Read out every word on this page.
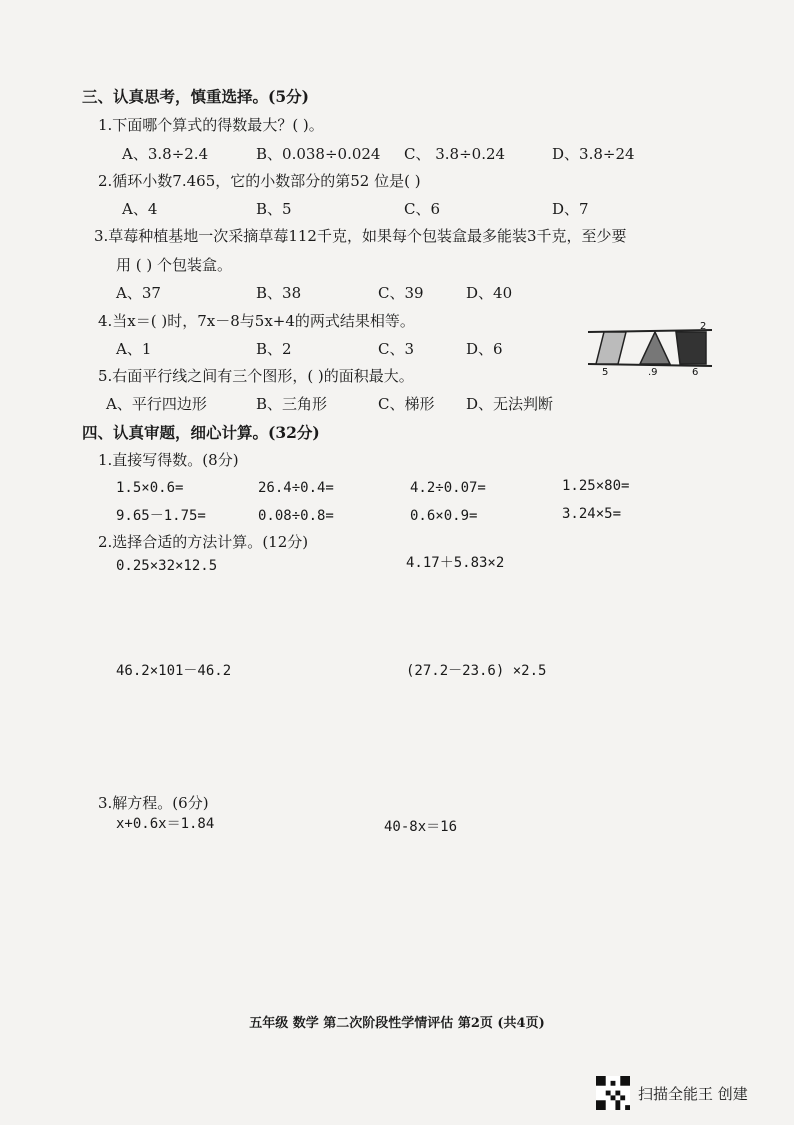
三、认真思考，慎重选择。(5分)
1.下面哪个算式的得数最大？( )。
A、3.8÷2.4	B、0.038÷0.024 C、 3.8÷0.24	D、3.8÷24
2.循环小数7.465，它的小数部分的第52 位是( )
A、4	B、5	C、6	D、7
3.草莓种植基地一次采摘草莓112千克，如果每个包装盒最多能装3千克，至少要
用 ( ) 个包装盒。
A、37	B、38	C、39	D、40
4.当x＝( )时，7x－8与5x+4的两式结果相等。
A、1	B、2	C、3	D、6
2
5	.9	6
5.右面平行线之间有三个图形，( )的面积最大。
A、平行四边形	B、三角形	C、梯形 D、无法判断
四、认真审题，细心计算。(32分)
1.直接写得数。(8分)
1.5×0.6=	26.4÷0.4=	4.2÷0.07=	1.25×80=
9.65－1.75=	0.08÷0.8=	0.6×0.9=	3.24×5=
2.选择合适的方法计算。(12分)
0.25×32×12.5	4.17＋5.83×2
46.2×101－46.2	(27.2－23.6) ×2.5
3.解方程。(6分)
x+0.6x＝1.84	40-8x＝16
五年级 数学 第二次阶段性学情评估 第2页 (共4页)
扫描全能王 创建
